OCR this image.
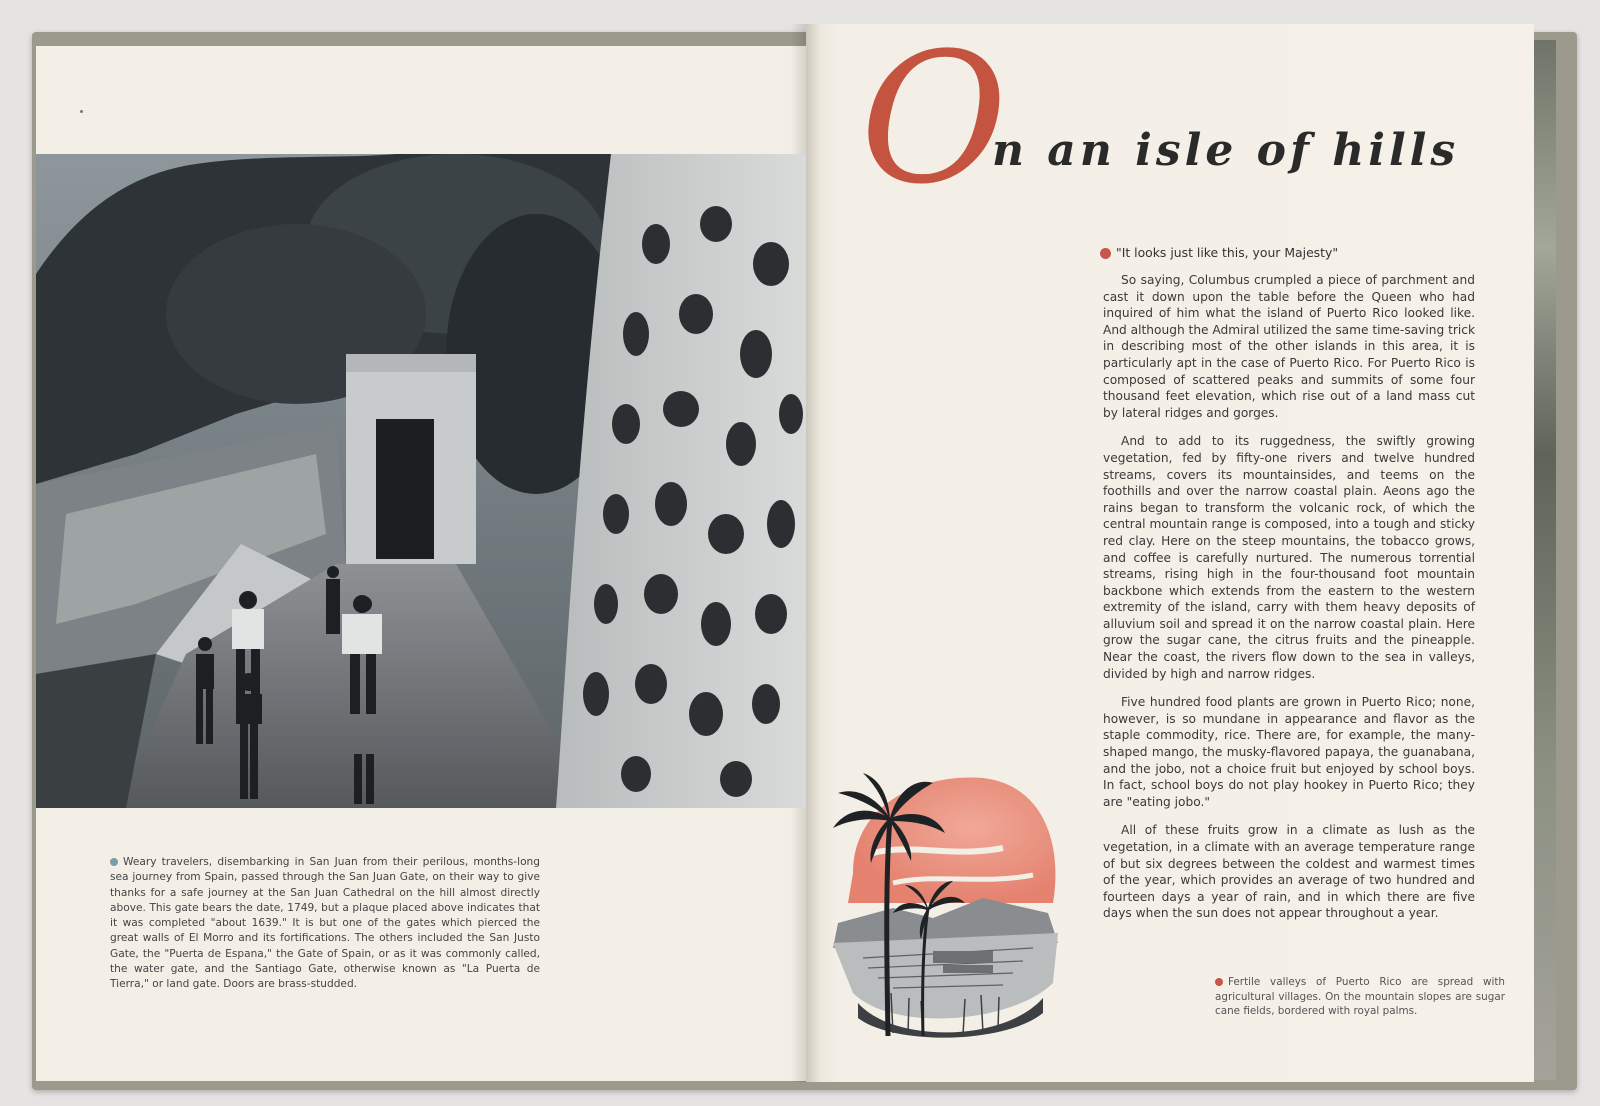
Weary travelers, disembarking in San Juan from their perilous, months-long sea journey from Spain, passed through the San Juan Gate, on their way to give thanks for a safe journey at the San Juan Cathedral on the hill almost directly above. This gate bears the date, 1749, but a plaque placed above indicates that it was completed "about 1639." It is but one of the gates which pierced the great walls of El Morro and its fortifications. The others included the San Justo Gate, the "Puerta de Espana," the Gate of Spain, or as it was commonly called, the water gate, and the Santiago Gate, otherwise known as "La Puerta de Tierra," or land gate. Doors are brass-studded.

O
n an isle of hills

"It looks just like this, your Majesty"

So saying, Columbus crumpled a piece of parchment and cast it down upon the table before the Queen who had inquired of him what the island of Puerto Rico looked like. And although the Admiral utilized the same time-saving trick in describing most of the other islands in this area, it is particularly apt in the case of Puerto Rico. For Puerto Rico is composed of scattered peaks and summits of some four thousand feet elevation, which rise out of a land mass cut by lateral ridges and gorges.

And to add to its ruggedness, the swiftly growing vegetation, fed by fifty-one rivers and twelve hundred streams, covers its mountainsides, and teems on the foothills and over the narrow coastal plain. Aeons ago the rains began to transform the volcanic rock, of which the central mountain range is composed, into a tough and sticky red clay. Here on the steep mountains, the tobacco grows, and coffee is carefully nurtured. The numerous torrential streams, rising high in the four-thousand foot mountain backbone which extends from the eastern to the western extremity of the island, carry with them heavy deposits of alluvium soil and spread it on the narrow coastal plain. Here grow the sugar cane, the citrus fruits and the pineapple. Near the coast, the rivers flow down to the sea in valleys, divided by high and narrow ridges.

Five hundred food plants are grown in Puerto Rico; none, however, is so mundane in appearance and flavor as the staple commodity, rice. There are, for example, the many-shaped mango, the musky-flavored papaya, the guanabana, and the jobo, not a choice fruit but enjoyed by school boys. In fact, school boys do not play hookey in Puerto Rico; they are "eating jobo."

All of these fruits grow in a climate as lush as the vegetation, in a climate with an average temperature range of but six degrees between the coldest and warmest times of the year, which provides an average of two hundred and fourteen days a year of rain, and in which there are five days when the sun does not appear throughout a year.

Fertile valleys of Puerto Rico are spread with agricultural villages. On the mountain slopes are sugar cane fields, bordered with royal palms.
